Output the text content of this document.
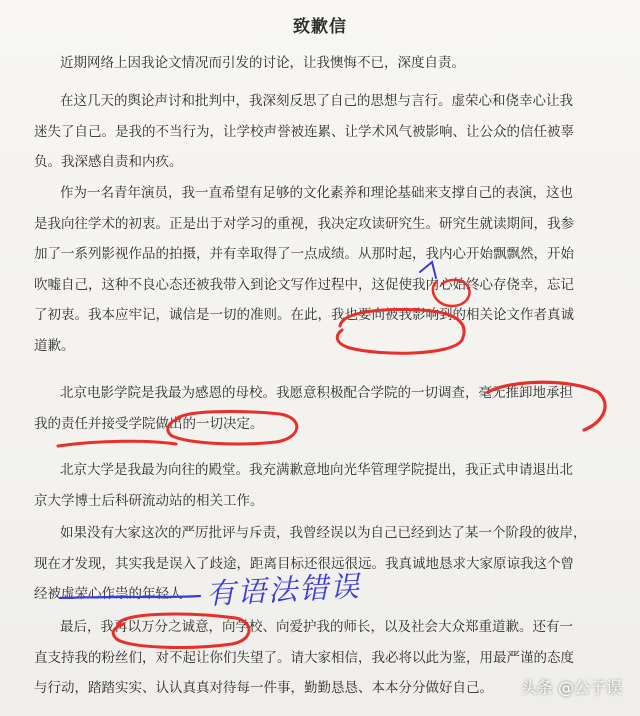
致歉信
近期网络上因我论文情况而引发的讨论，让我懊悔不已，深度自责。
在这几天的舆论声讨和批判中，我深刻反思了自己的思想与言行。虚荣心和侥幸心让我
迷失了自己。是我的不当行为，让学校声誉被连累、让学术风气被影响、让公众的信任被辜
负。我深感自责和内疚。
作为一名青年演员，我一直希望有足够的文化素养和理论基础来支撑自己的表演，这也
是我向往学术的初衷。正是出于对学习的重视，我决定攻读研究生。研究生就读期间，我参
加了一系列影视作品的拍摄，并有幸取得了一点成绩。从那时起，我内心开始飘飘然，开始
吹嘘自己，这种不良心态还被我带入到论文写作过程中，这促使我内心始终心存侥幸，忘记
了初衷。我本应牢记，诚信是一切的准则。在此，我也要向被我影响到的相关论文作者真诚
道歉。
北京电影学院是我最为感恩的母校。我愿意积极配合学院的一切调查，毫无推卸地承担
我的责任并接受学院做出的一切决定。
北京大学是我最为向往的殿堂。我充满歉意地向光华管理学院提出，我正式申请退出北
京大学博士后科研流动站的相关工作。
如果没有大家这次的严厉批评与斥责，我曾经误以为自己已经到达了某一个阶段的彼岸，
现在才发现，其实我是误入了歧途，距离目标还很远很远。我真诚地恳求大家原谅我这个曾
经被虚荣心作祟的年轻人
最后，我再以万分之诚意，向学校、向爱护我的师长，以及社会大众郑重道歉。还有一
直支持我的粉丝们，对不起让你们失望了。请大家相信，我必将以此为鉴，用最严谨的态度
与行动，踏踏实实、认认真真对待每一件事，勤勤恳恳、本本分分做好自己。
有语法错误
头条 @公子误
